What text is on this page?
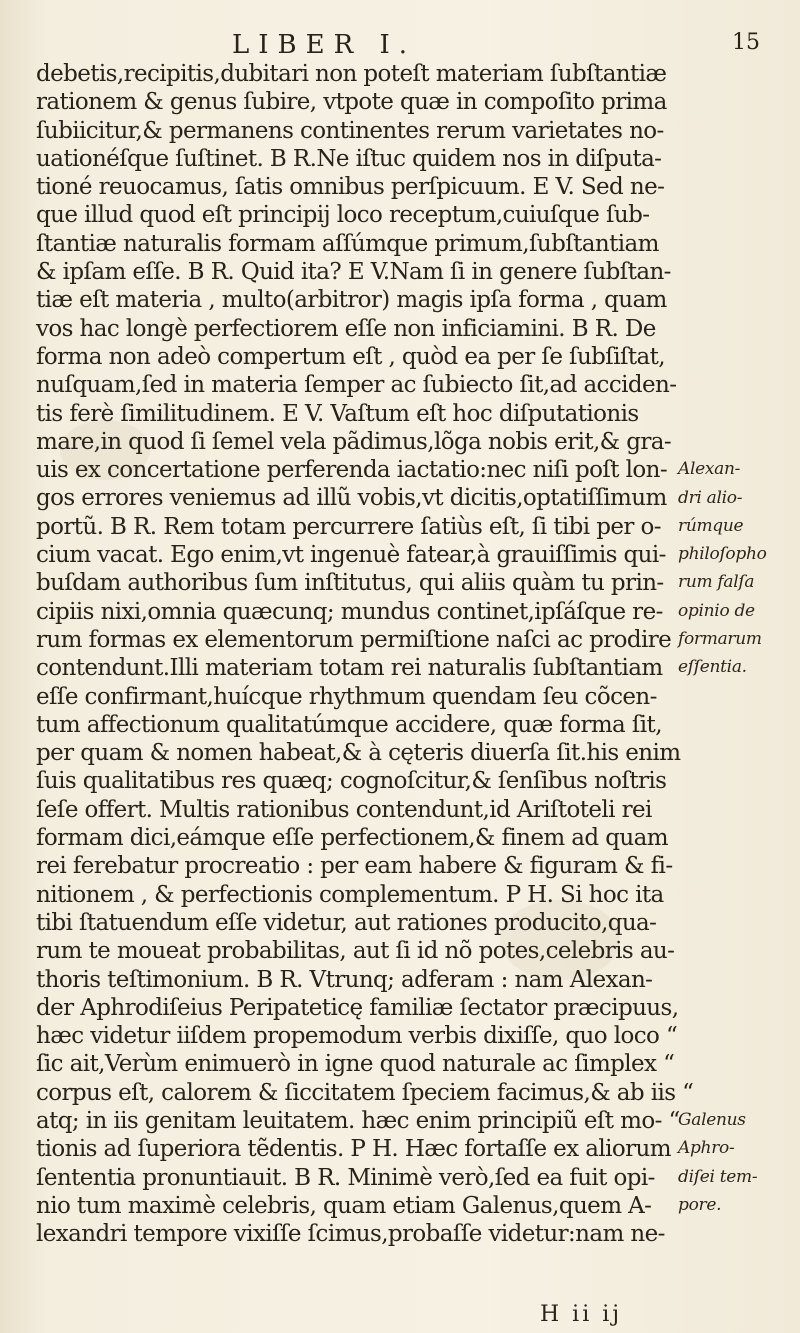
LIBER I.	15
debetis,recipitis,dubitari non poteſt materiam ſubſtantiæ
rationem & genus ſubire, vtpote quæ in compoſito prima
ſubiicitur,& permanens continentes rerum varietates no-
uationéſque ſuſtinet. B R.Ne iſtuc quidem nos in diſputa-
tioné reuocamus, ſatis omnibus perſpicuum. E V. Sed ne-
que illud quod eſt principij loco receptum,cuiuſque ſub-
ſtantiæ naturalis formam aſſúmque primum,ſubſtantiam
& ipſam eſſe. B R. Quid ita? E V.Nam ſi in genere ſubſtan-
tiæ eſt materia , multo(arbitror) magis ipſa forma , quam
vos hac longè perfectiorem eſſe non inficiamini. B R. De
forma non adeò compertum eſt , quòd ea per ſe ſubſiſtat,
nuſquam,ſed in materia ſemper ac ſubiecto ſit,ad acciden-
tis ferè ſimilitudinem. E V. Vaſtum eſt hoc diſputationis
mare,in quod ſi ſemel vela pãdimus,lõga nobis erit,& gra-
uis ex concertatione perferenda iactatio:nec niſi poſt lon-
gos errores veniemus ad illũ vobis,vt dicitis,optatiſſimum
portũ. B R. Rem totam percurrere ſatiùs eſt, ſi tibi per o-
cium vacat. Ego enim,vt ingenuè fatear,à grauiſſimis qui-
buſdam authoribus ſum inſtitutus, qui aliis quàm tu prin-
cipiis nixi,omnia quæcunq; mundus continet,ipſáſque re-
rum formas ex elementorum permiſtione naſci ac prodire
contendunt.Illi materiam totam rei naturalis ſubſtantiam
eſſe confirmant,huícque rhythmum quendam ſeu cõcen-
tum affectionum qualitatúmque accidere, quæ forma ſit,
per quam & nomen habeat,& à cęteris diuerſa ſit.his enim
ſuis qualitatibus res quæq; cognoſcitur,& ſenſibus noſtris
ſeſe offert. Multis rationibus contendunt,id Ariſtoteli rei
formam dici,eámque eſſe perfectionem,& finem ad quam
rei ferebatur procreatio : per eam habere & figuram & fi-
nitionem , & perfectionis complementum. P H. Si hoc ita
tibi ſtatuendum eſſe videtur, aut rationes producito,qua-
rum te moueat probabilitas, aut ſi id nõ potes,celebris au-
thoris teſtimonium. B R. Vtrunq; adferam : nam Alexan-
der Aphrodiſeius Peripateticę familiæ ſectator præcipuus,
hæc videtur iiſdem propemodum verbis dixiſſe, quo loco “
ſic ait,Verùm enimuerò in igne quod naturale ac ſimplex “
corpus eſt, calorem & ſiccitatem ſpeciem facimus,& ab iis “
atq; in iis genitam leuitatem. hæc enim principiũ eſt mo- “
tionis ad ſuperiora tẽdentis. P H. Hæc fortaſſe ex aliorum
ſententia pronuntiauit. B R. Minimè verò,ſed ea fuit opi-
nio tum maximè celebris, quam etiam Galenus,quem A-
lexandri tempore vixiſſe ſcimus,probaſſe videtur:nam ne-
Alexan-
dri alio-
rúmque
philoſopho
rum falſa
opinio de
formarum
eſſentia.
Galenus
Aphro-
diſei tem-
pore.
H ii ij
